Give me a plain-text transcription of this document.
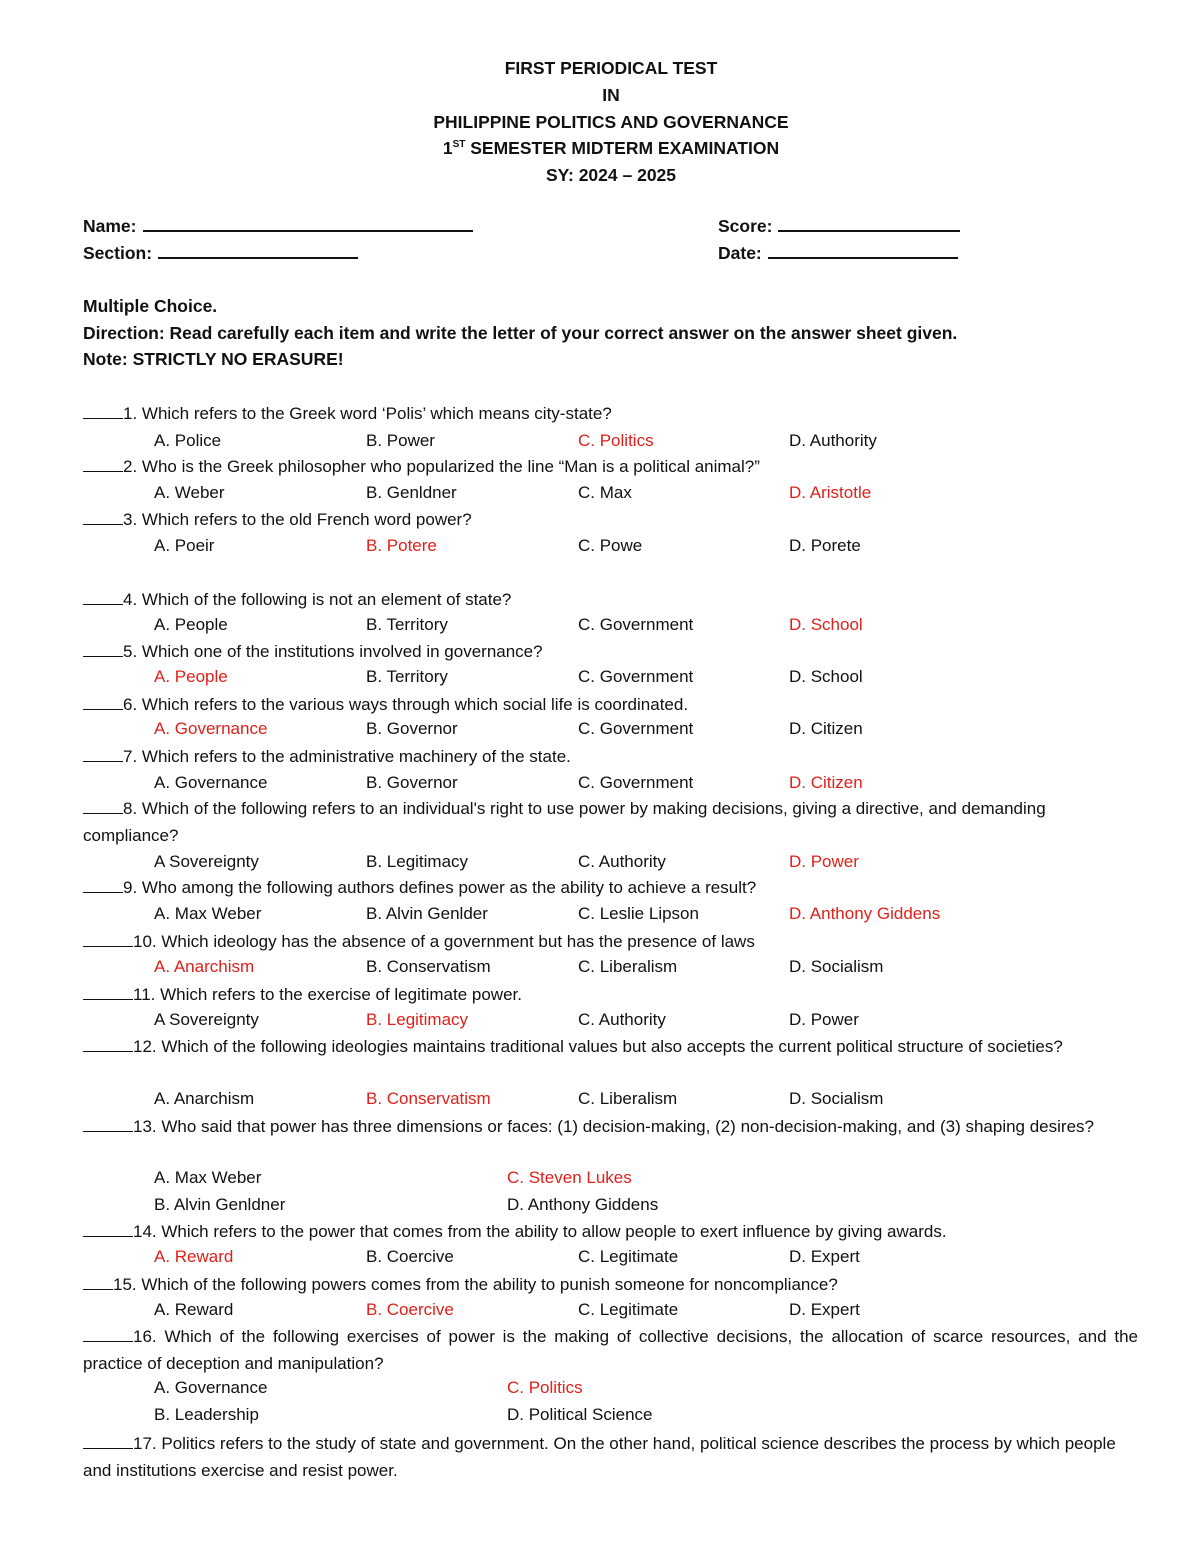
FIRST PERIODICAL TEST
IN
PHILIPPINE POLITICS AND GOVERNANCE
1ST SEMESTER MIDTERM EXAMINATION
SY: 2024 – 2025
Name:	Score:
Section:	Date:
Multiple Choice.
Direction: Read carefully each item and write the letter of your correct answer on the answer sheet given.
Note: STRICTLY NO ERASURE!
1. Which refers to the Greek word ‘Polis’ which means city-state?
A. Police	B. Power	C. Politics	D. Authority
2. Who is the Greek philosopher who popularized the line “Man is a political animal?”
A. Weber	B. Genldner	C. Max	D. Aristotle
3. Which refers to the old French word power?
A. Poeir	B. Potere	C. Powe	D. Porete
4. Which of the following is not an element of state?
A. People	B. Territory	C. Government	D. School
5. Which one of the institutions involved in governance?
A. People	B. Territory	C. Government	D. School
6. Which refers to the various ways through which social life is coordinated.
A. Governance	B. Governor	C. Government	D. Citizen
7. Which refers to the administrative machinery of the state.
A. Governance	B. Governor	C. Government	D. Citizen
8. Which of the following refers to an individual's right to use power by making decisions, giving a directive, and demanding compliance?
A Sovereignty	B. Legitimacy	C. Authority	D. Power
9. Who among the following authors defines power as the ability to achieve a result?
A. Max Weber	B. Alvin Genlder	C. Leslie Lipson	D. Anthony Giddens
10. Which ideology has the absence of a government but has the presence of laws
A. Anarchism	B. Conservatism	C. Liberalism	D. Socialism
11. Which refers to the exercise of legitimate power.
A Sovereignty	B. Legitimacy	C. Authority	D. Power
12. Which of the following ideologies maintains traditional values but also accepts the current political structure of societies?
A. Anarchism	B. Conservatism	C. Liberalism	D. Socialism
13. Who said that power has three dimensions or faces: (1) decision-making, (2) non-decision-making, and (3) shaping desires?
A. Max Weber	C. Steven Lukes
B. Alvin Genldner	D. Anthony Giddens
14. Which refers to the power that comes from the ability to allow people to exert influence by giving awards.
A. Reward	B. Coercive	C. Legitimate	D. Expert
15. Which of the following powers comes from the ability to punish someone for noncompliance?
A. Reward	B. Coercive	C. Legitimate	D. Expert
16. Which of the following exercises of power is the making of collective decisions, the allocation of scarce resources, and the practice of deception and manipulation?
A. Governance	C. Politics
B. Leadership	D. Political Science
17. Politics refers to the study of state and government. On the other hand, political science describes the process by which people and institutions exercise and resist power.
